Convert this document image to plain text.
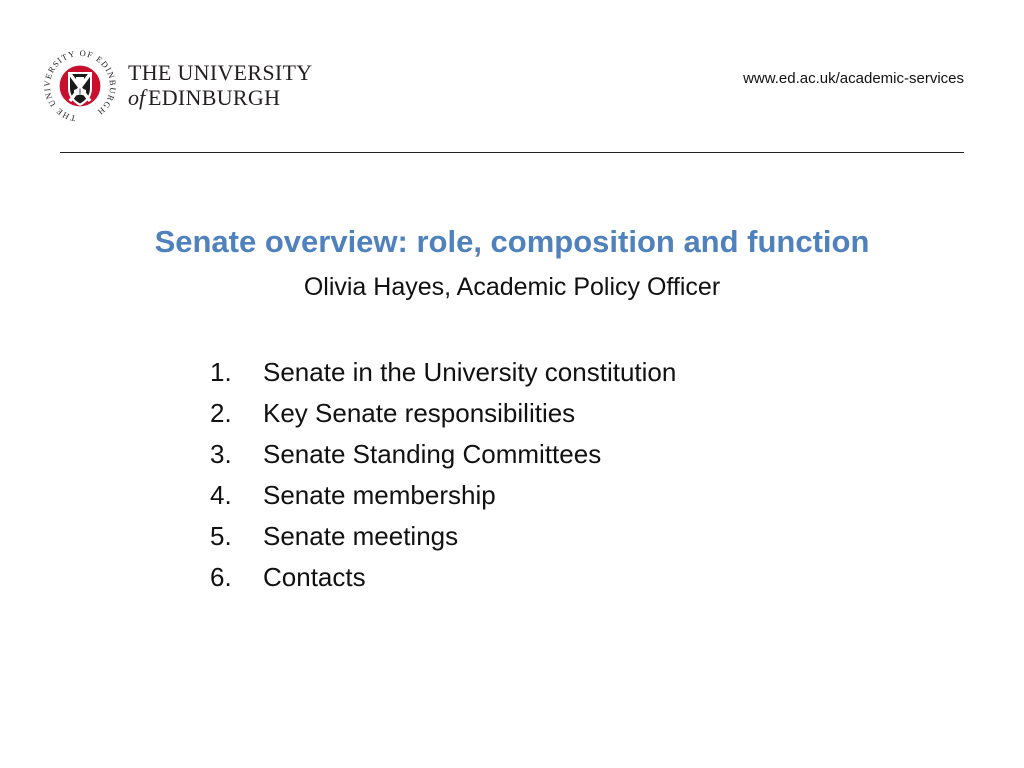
THE UNIVERSITY OF EDINBURGH
THE UNIVERSITY
of EDINBURGH
www.ed.ac.uk/academic-services
Senate overview: role, composition and function
Olivia Hayes, Academic Policy Officer
1.	Senate in the University constitution
2.	Key Senate responsibilities
3.	Senate Standing Committees
4.	Senate membership
5.	Senate meetings
6.	Contacts
